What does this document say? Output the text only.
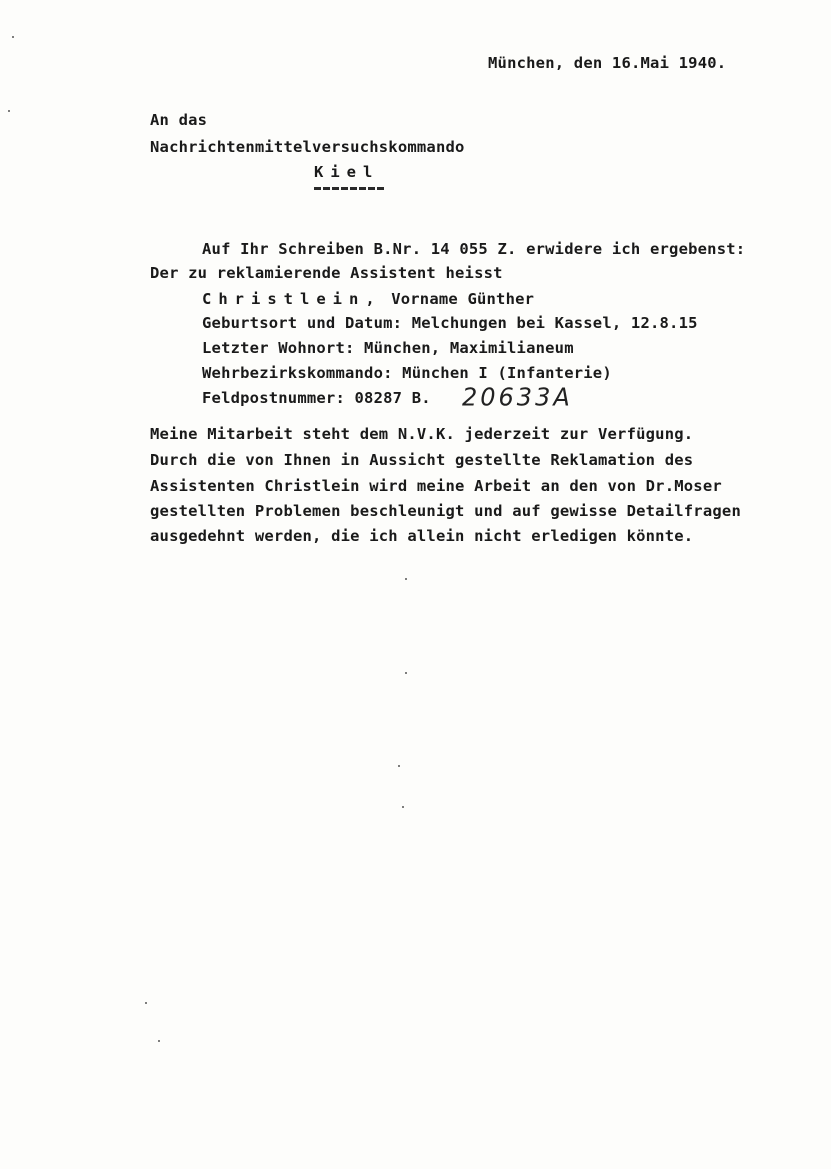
München, den 16.Mai 1940.
An das
Nachrichtenmittelversuchskommando
Kiel
Auf Ihr Schreiben B.Nr. 14 055 Z. erwidere ich ergebenst:
Der zu reklamierende Assistent heisst
Christlein, Vorname Günther
Geburtsort und Datum: Melchungen bei Kassel, 12.8.15
Letzter Wohnort: München, Maximilianeum
Wehrbezirkskommando: München I (Infanterie)
Feldpostnummer: 08287 B. 20633A
Meine Mitarbeit steht dem N.V.K. jederzeit zur Verfügung.
Durch die von Ihnen in Aussicht gestellte Reklamation des
Assistenten Christlein wird meine Arbeit an den von Dr.Moser
gestellten Problemen beschleunigt und auf gewisse Detailfragen
ausgedehnt werden, die ich allein nicht erledigen könnte.
